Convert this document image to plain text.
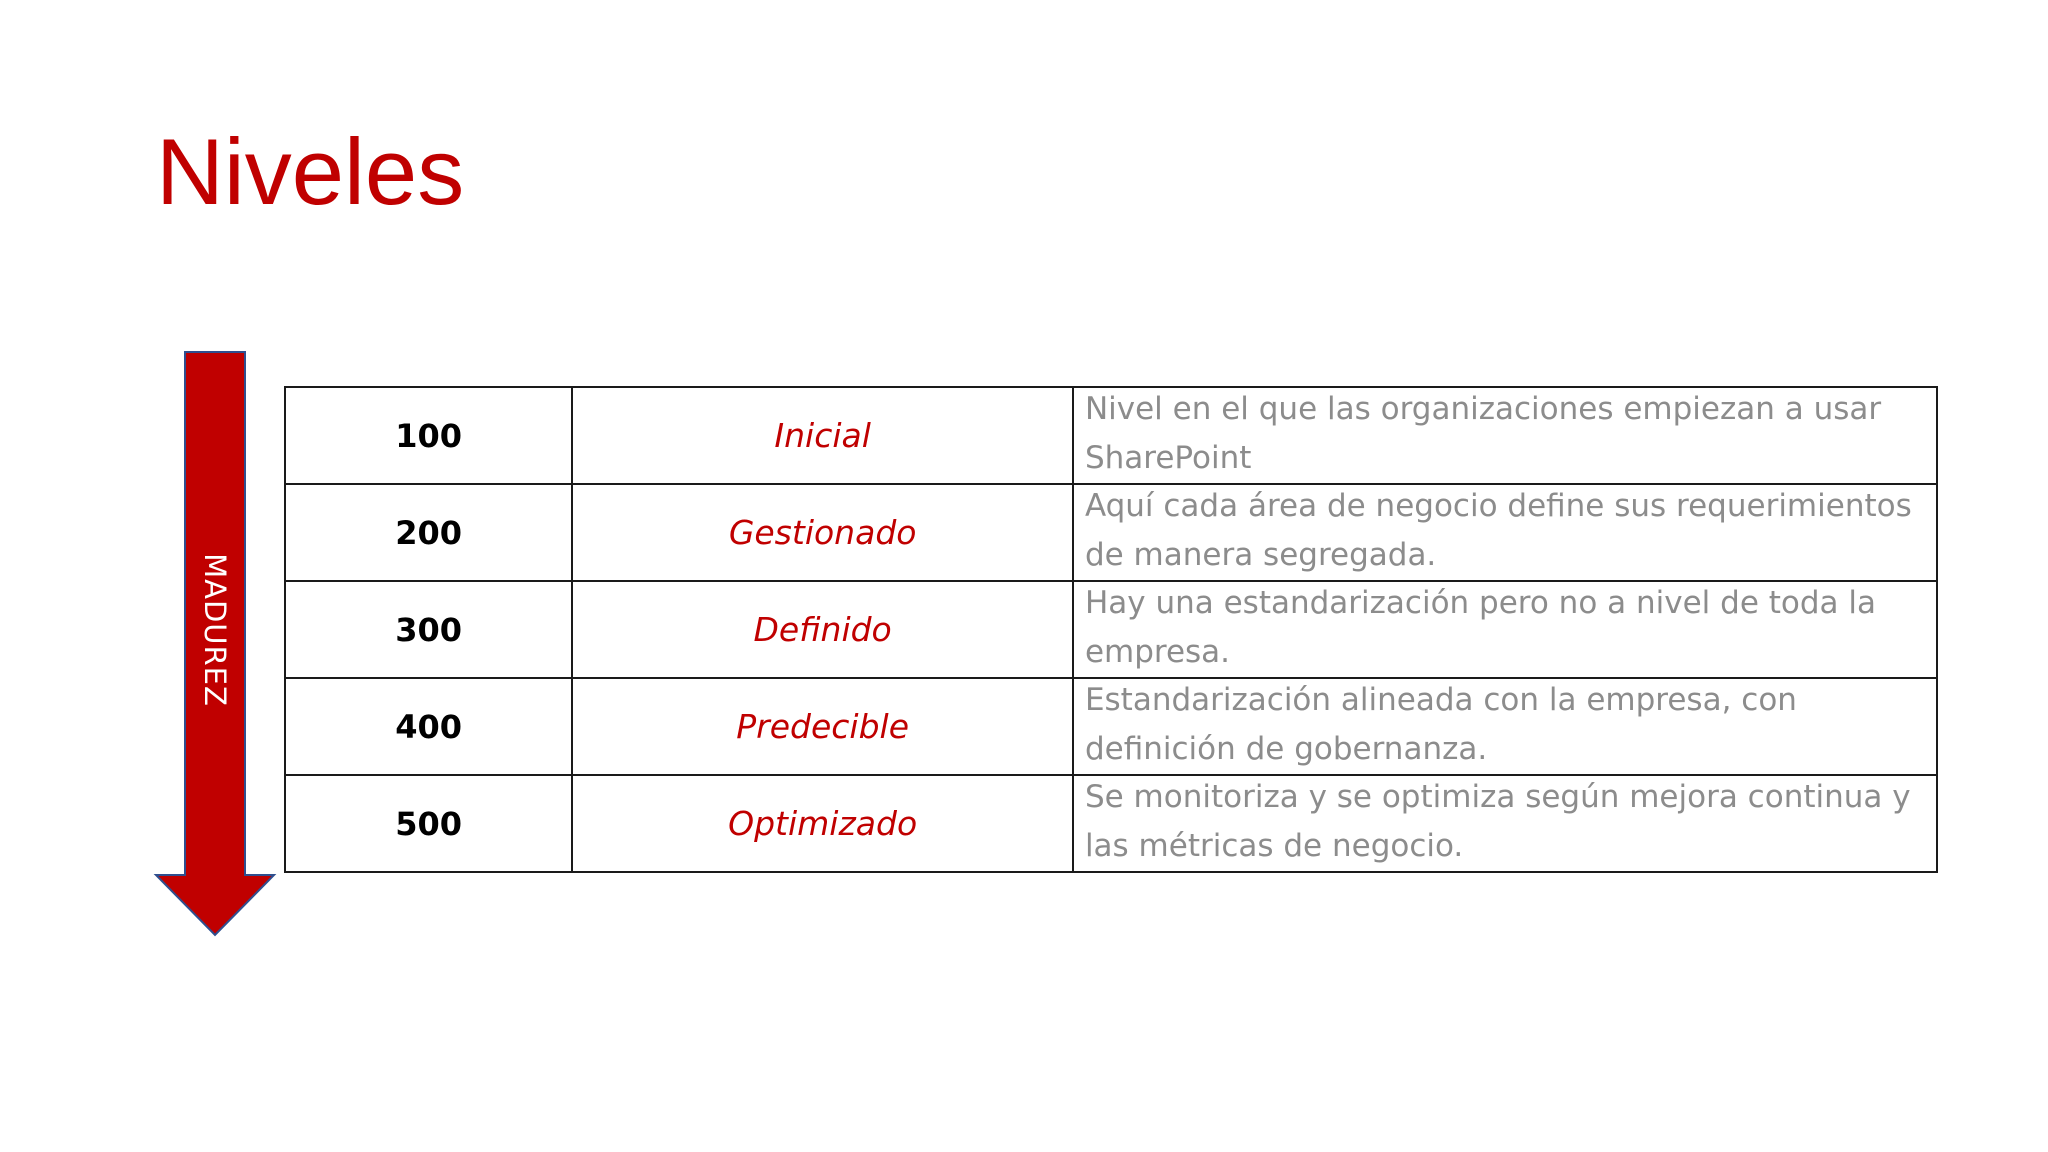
Niveles
MADUREZ
100	Inicial	Nivel en el que las organizaciones empiezan a usar SharePoint

200	Gestionado	Aquí cada área de negocio define sus requerimientos de manera segregada.

300	Definido	Hay una estandarización pero no a nivel de toda la empresa.

400	Predecible	Estandarización alineada con la empresa, con definición de gobernanza.

500	Optimizado	Se monitoriza y se optimiza según mejora continua y las métricas de negocio.
